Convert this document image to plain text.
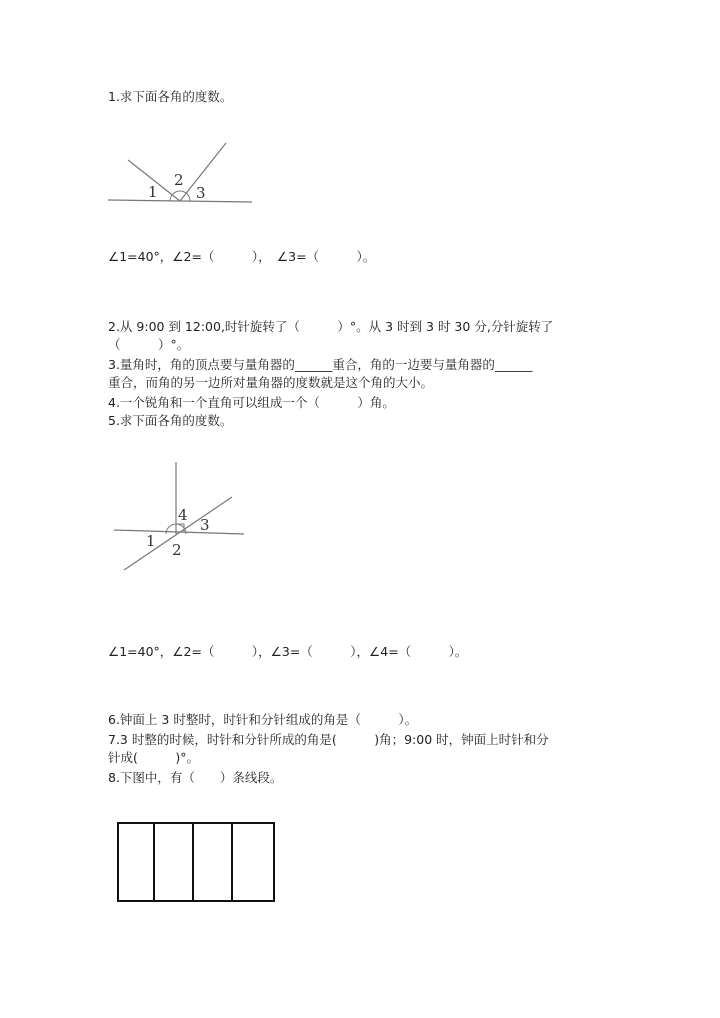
1.求下面各角的度数。
1
2
3
∠1=40°，∠2=（　　　），　∠3=（　　　）。
2.从 9:00 到 12:00,时针旋转了（　　　）°。从 3 时到 3 时 30 分,分针旋转了
（　　　）°。
3.量角时，角的顶点要与量角器的______重合，角的一边要与量角器的______
重合，而角的另一边所对量角器的度数就是这个角的大小。
4.一个锐角和一个直角可以组成一个（　　　）角。
5.求下面各角的度数。
1 2
3
4
∠1=40°，∠2=（　　　），∠3=（　　　），∠4=（　　　）。
6.钟面上 3 时整时，时针和分针组成的角是（　　　）。
7.3 时整的时候，时针和分针所成的角是(　　　)角；9:00 时，钟面上时针和分
针成(　　　)°。
8.下图中，有（　　）条线段。
